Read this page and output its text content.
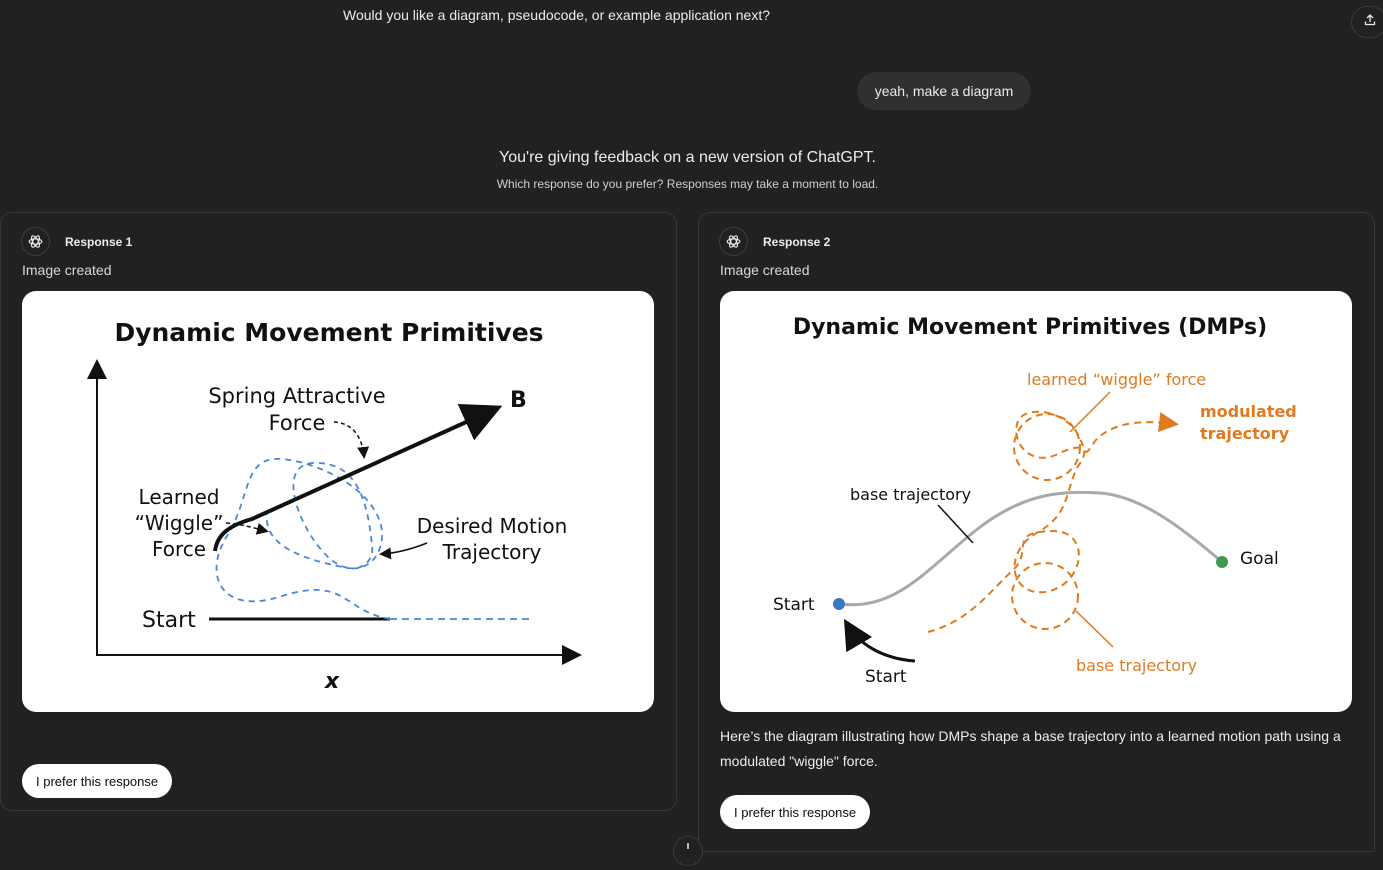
Would you like a diagram, pseudocode, or example application next?
yeah, make a diagram
You're giving feedback on a new version of ChatGPT.
Which response do you prefer? Responses may take a moment to load.
Response 1
Image created
Dynamic Movement Primitives
x
Start
B
Spring Attractive
Force
Learned
“Wiggle”
Force
Desired Motion
Trajectory
I prefer this response
Response 2
Image created
Dynamic Movement Primitives (DMPs)
Goal
Start
Start
base trajectory
learned “wiggle” force
modulated
trajectory
base trajectory
Here’s the diagram illustrating how DMPs shape a base trajectory into a learned motion path using a modulated "wiggle" force.
I prefer this response
